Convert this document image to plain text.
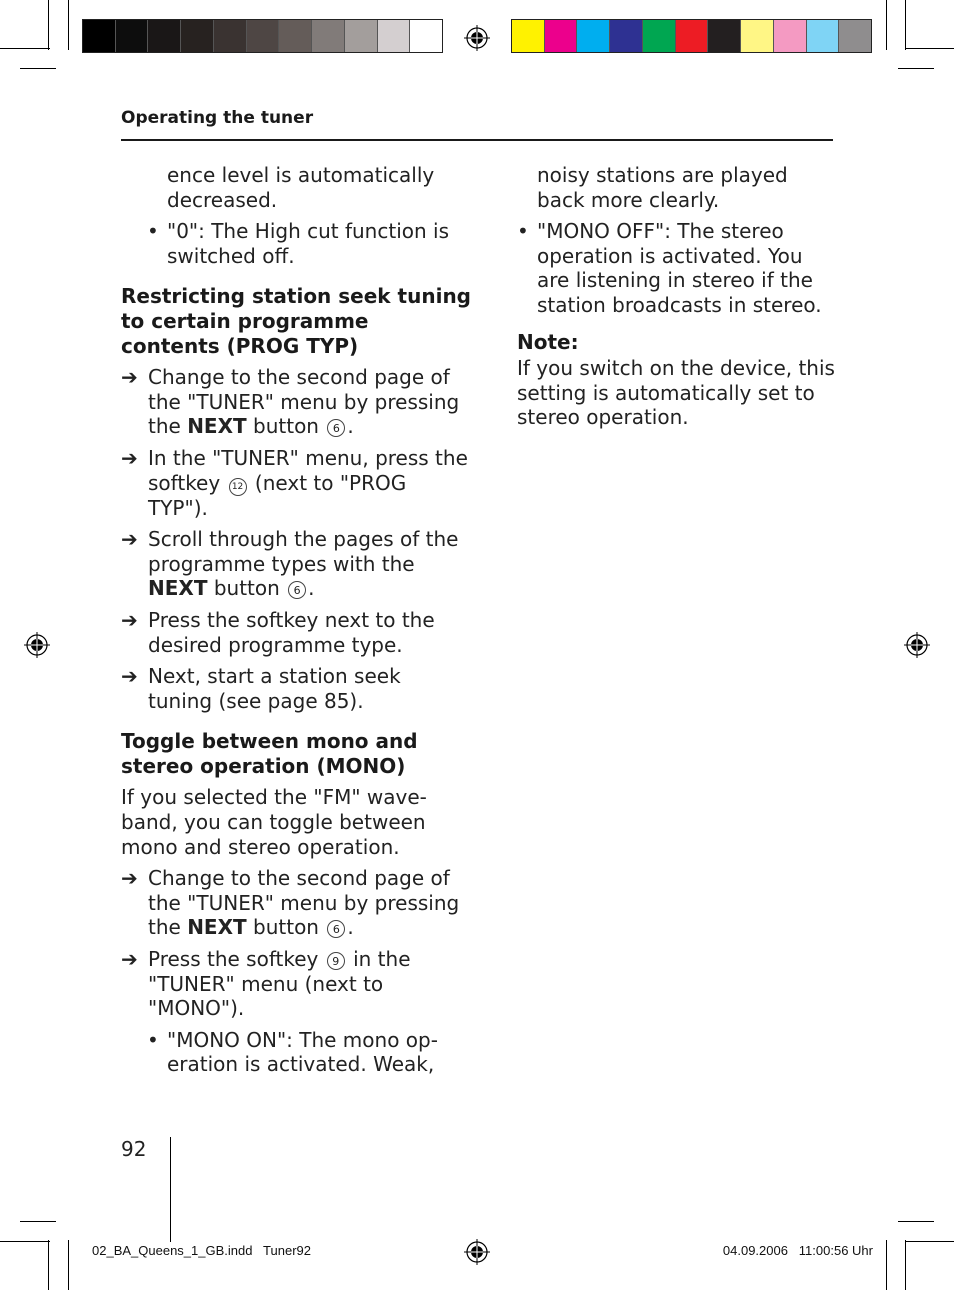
Operating the tuner

ence level is automatically

decreased.

• "0": The High cut function is switched off.

Restricting station seek tuning to certain programme contents (PROG TYP)

➔ Change to the second page of the "TUNER" menu by pressing the NEXT button 6 .

➔ In the "TUNER" menu, press the softkey 12 (next to "PROG TYP").

➔ Scroll through the pages of the programme types with the NEXT button 6 .

➔ Press the softkey next to the desired programme type.

➔ Next, start a station seek tuning (see page 85).

Toggle between mono and stereo operation (MONO)

If you selected the "FM" wave-band, you can toggle between mono and stereo operation.

➔ Change to the second page of the "TUNER" menu by pressing the NEXT button 6 .

➔ Press the softkey 9 in the "TUNER" menu (next to "MONO").

• "MONO ON": The mono op-eration is activated. Weak,

noisy stations are played back more clearly.

• "MONO OFF": The stereo operation is activated. You are listening in stereo if the station broadcasts in stereo.

Note:

If you switch on the device, this setting is automatically set to stereo operation.

92
02_BA_Queens_1_GB.indd   Tuner92	04.09.2006   11:00:56 Uhr
